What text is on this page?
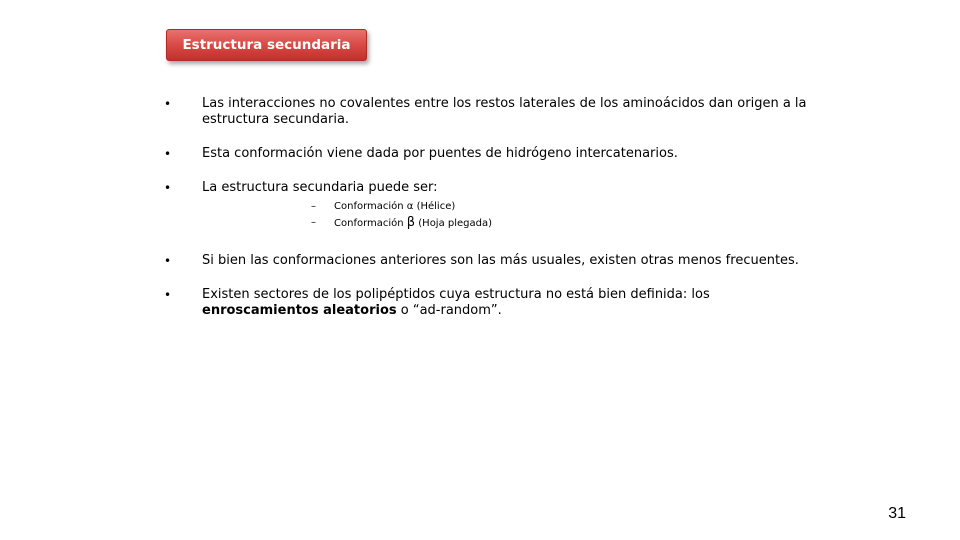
Estructura secundaria
• Las interacciones no covalentes entre los restos laterales de los aminoácidos dan origen a la estructura secundaria.
• Esta conformación viene dada por puentes de hidrógeno intercatenarios.
• La estructura secundaria puede ser:
– Conformación α (Hélice)
– Conformación β (Hoja plegada)
• Si bien las conformaciones anteriores son las más usuales, existen otras menos frecuentes.
• Existen sectores de los polipéptidos cuya estructura no está bien definida: los enroscamientos aleatorios o “ad-random”.
31
